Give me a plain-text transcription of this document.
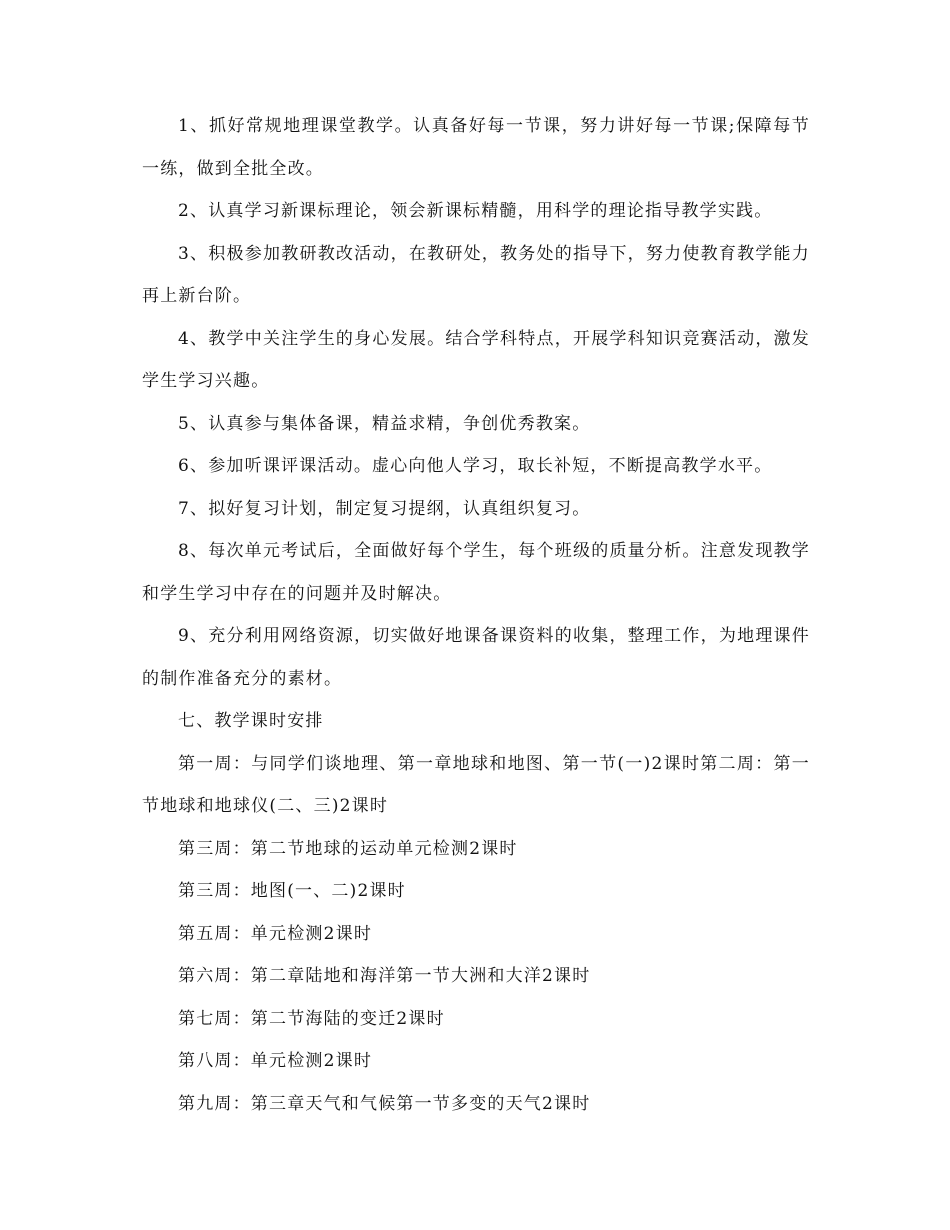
1、抓好常规地理课堂教学。认真备好每一节课，努力讲好每一节课;保障每节一练，做到全批全改。

2、认真学习新课标理论，领会新课标精髓，用科学的理论指导教学实践。

3、积极参加教研教改活动，在教研处，教务处的指导下，努力使教育教学能力再上新台阶。

4、教学中关注学生的身心发展。结合学科特点，开展学科知识竞赛活动，激发学生学习兴趣。

5、认真参与集体备课，精益求精，争创优秀教案。

6、参加听课评课活动。虚心向他人学习，取长补短，不断提高教学水平。

7、拟好复习计划，制定复习提纲，认真组织复习。

8、每次单元考试后，全面做好每个学生，每个班级的质量分析。注意发现教学和学生学习中存在的问题并及时解决。

9、充分利用网络资源，切实做好地课备课资料的收集，整理工作，为地理课件的制作准备充分的素材。

七、教学课时安排

第一周：与同学们谈地理、第一章地球和地图、第一节(一)2课时第二周：第一节地球和地球仪(二、三)2课时

第三周：第二节地球的运动单元检测2课时

第三周：地图(一、二)2课时

第五周：单元检测2课时

第六周：第二章陆地和海洋第一节大洲和大洋2课时

第七周：第二节海陆的变迁2课时

第八周：单元检测2课时

第九周：第三章天气和气候第一节多变的天气2课时
